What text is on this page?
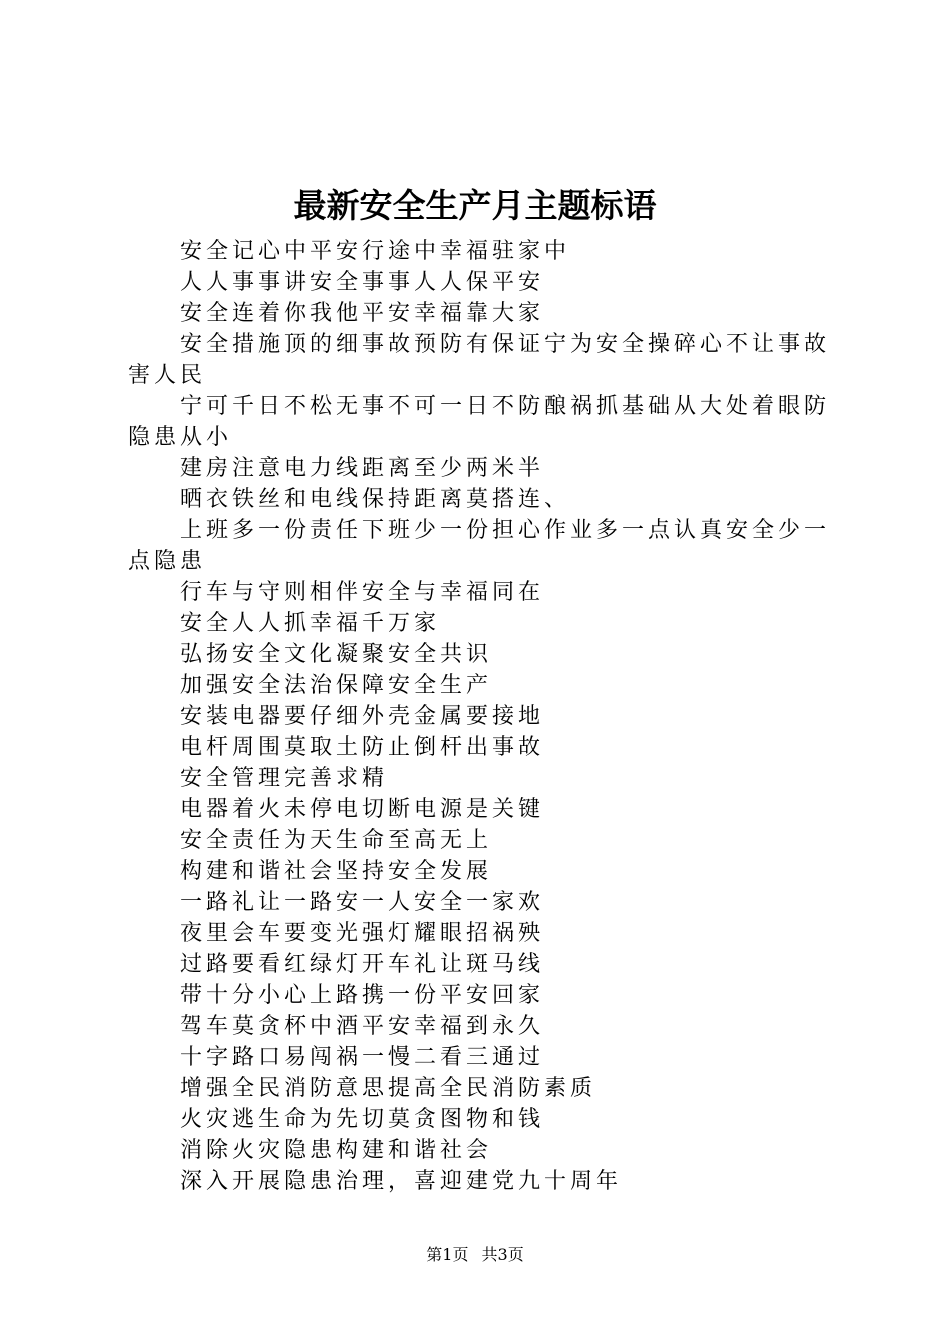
最新安全生产月主题标语

安全记心中平安行途中幸福驻家中

人人事事讲安全事事人人保平安

安全连着你我他平安幸福靠大家

安全措施顶的细事故预防有保证宁为安全操碎心不让事故害人民

宁可千日不松无事不可一日不防酿祸抓基础从大处着眼防隐患从小

建房注意电力线距离至少两米半

晒衣铁丝和电线保持距离莫搭连、

上班多一份责任下班少一份担心作业多一点认真安全少一点隐患

行车与守则相伴安全与幸福同在

安全人人抓幸福千万家

弘扬安全文化凝聚安全共识

加强安全法治保障安全生产

安装电器要仔细外壳金属要接地

电杆周围莫取土防止倒杆出事故

安全管理完善求精

电器着火未停电切断电源是关键

安全责任为天生命至高无上

构建和谐社会坚持安全发展

一路礼让一路安一人安全一家欢

夜里会车要变光强灯耀眼招祸殃

过路要看红绿灯开车礼让斑马线

带十分小心上路携一份平安回家

驾车莫贪杯中酒平安幸福到永久

十字路口易闯祸一慢二看三通过

增强全民消防意思提高全民消防素质

火灾逃生命为先切莫贪图物和钱

消除火灾隐患构建和谐社会

深入开展隐患治理，喜迎建党九十周年

第1页 共3页
